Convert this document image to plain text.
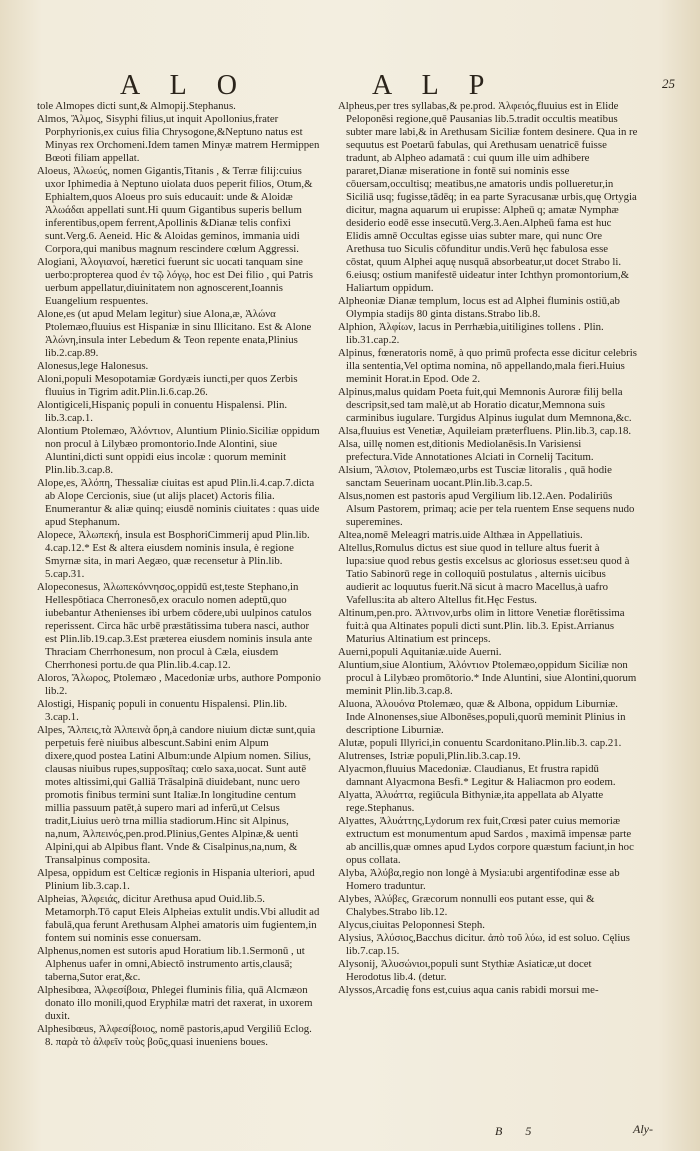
A L O	A L P	25

tole Almopes dicti sunt,& Almopij.Stephanus.

Almos, Ἄλμος, Sisyphi filius,ut inquit Apollonius,frater Porphyrionis,ex cuius filia Chrysogone,&Neptuno natus est Minyas rex Orchomeni.Idem tamen Minyæ matrem Hermippen Bœoti filiam appellat.

Aloeus, Ἀλωεύς, nomen Gigantis,Titanis , & Terræ filij:cuius uxor Iphimedia à Neptuno uiolata duos peperit filios, Otum,& Ephialtem,quos Aloeus pro suis educauit: unde & Aloidæ Ἀλωάδαι appellati sunt.Hi quum Gigantibus superis bellum inferentibus,opem ferrent,Apollinis &Dianæ telis confixi sunt.Verg.6. Aeneid. Hic & Aloidas geminos, immania uidi Corpora,qui manibus magnum rescindere cœlum Aggressi.

Alogiani, Ἀλογιανοί, hæretici fuerunt sic uocati tanquam sine uerbo:propterea quod ἐν τῷ λόγῳ, hoc est Dei filio , qui Patris uerbum appellatur,diuinitatem non agnoscerent,Ioannis Euangelium respuentes.

Alone,es (ut apud Melam legitur) siue Alona,æ, Ἀλώνα Ptolemæo,fluuius est Hispaniæ in sinu Illicitano. Est & Alone Ἀλώνη,insula inter Lebedum & Teon repente enata,Plinius lib.2.cap.89.

Alonesus,lege Halonesus.

Aloni,populi Mesopotamiæ Gordyæis iuncti,per quos Zerbis fluuius in Tigrim adit.Plin.li.6.cap.26.

Alontigiceli,Hispaniç populi in conuentu Hispalensi. Plin. lib.3.cap.1.

Alontium Ptolemæo, Ἀλόντιον, Aluntium Plinio.Siciliæ oppidum non procul à Lilybæo promontorio.Inde Alontini, siue Aluntini,dicti sunt oppidi eius incolæ : quorum meminit Plin.lib.3.cap.8.

Alope,es, Ἀλόπη, Thessaliæ ciuitas est apud Plin.li.4.cap.7.dicta ab Alope Cercionis, siue (ut alijs placet) Actoris filia. Enumerantur & aliæ quinq; eiusdē nominis ciuitates : quas uide apud Stephanum.

Alopece, Ἀλωπεκή, insula est BosphoriCimmerij apud Plin.lib. 4.cap.12.* Est & altera eiusdem nominis insula, è regione Smyrnæ sita, in mari Aegæo, quæ recensetur à Plin.lib. 5.cap.31.

Alopeconesus, Ἀλωπεκόννησος,oppidū est,teste Stephano,in Hellespōtiaca Cherronesō,ex oraculo nomen adeptū,quo iubebantur Athenienses ibi urbem cōdere,ubi uulpinos catulos reperissent. Circa hāc urbē præstātissima tubera nasci, author est Plin.lib.19.cap.3.Est præterea eiusdem nominis insula ante Thraciam Cherrhonesum, non procul à Cæla, eiusdem Cherrhonesi portu.de qua Plin.lib.4.cap.12.

Aloros, Ἄλωρος, Ptolemæo , Macedoniæ urbs, authore Pomponio lib.2.

Alostigi, Hispaniç populi in conuentu Hispalensi. Plin.lib. 3.cap.1.

Alpes, Ἄλπεις,τὰ Ἀλπεινὰ ὄρη,à candore niuium dictæ sunt,quia perpetuis ferè niuibus albescunt.Sabini enim Alpum dixere,quod postea Latini Album:unde Alpium nomen. Silius, clausas niuibus rupes,supposītaq; cœlo saxa,uocat. Sunt autē motes altissimi,qui Galliā Trāsalpinā diuidebant, nunc uero promotis finibus termini sunt Italiæ.In longitudine centum millia passuum patēt,à supero mari ad inferū,ut Celsus tradit,Liuius uerò trna millia stadiorum.Hinc sit Alpinus, na,num, Ἀλπεινός,pen.prod.Plinius,Gentes Alpinæ,& uenti Alpini,qui ab Alpibus flant. Vnde & Cisalpinus,na,num, & Transalpinus composita.

Alpesa, oppidum est Celticæ regionis in Hispania ulteriori, apud Plinium lib.3.cap.1.

Alpheias, Ἀλφειάς, dicitur Arethusa apud Ouid.lib.5. Metamorph.Tō caput Eleis Alpheias extulit undis.Vbi alludit ad fabulā,qua ferunt Arethusam Alphei amatoris uim fugientem,in fontem sui nominis esse conuersam.

Alphenus,nomen est sutoris apud Horatium lib.1.Sermonū , ut Alphenus uafer in omni,Abiectō instrumento artis,clausā; taberna,Sutor erat,&c.

Alphesibœa, Ἀλφεσίβοια, Phlegei fluminis filia, quā Alcmæon donato illo monili,quod Eryphilæ matri det raxerat, in uxorem duxit.

Alphesibœus, Ἀλφεσίβοιος, nomē pastoris,apud Vergiliū Eclog. 8. παρὰ τὸ ἀλφεῖν τοὺς βοῦς,quasi inueniens boues.

Alpheus,per tres syllabas,& pe.prod. Ἀλφειός,fluuius est in Elide Peloponēsi regione,quē Pausanias lib.5.tradit occultis meatibus subter mare labi,& in Arethusam Siciliæ fontem desinere. Qua in re sequutus est Poetarū fabulas, qui Arethusam uenatricē fuisse tradunt, ab Alpheo adamatā : cui quum ille uim adhibere pararet,Dianæ miseratione in fontē sui nominis esse cōuersam,occultisq; meatibus,ne amatoris undis pollueretur,in Siciliā usq; fugisse,tādēq; in ea parte Syracusanæ urbis,quę Ortygia dicitur, magna aquarum ui erupisse: Alpheū q; amatæ Nymphæ desiderio eodē esse insecutū.Verg.3.Aen.Alpheū fama est huc Elidis amnē Occultas egisse uias subter mare, qui nunc Ore Arethusa tuo Siculis cōfunditur undis.Verū hęc fabulosa esse cōstat, quum Alphei aquę nusquā absorbeatur,ut docet Strabo li. 6.eiusq; ostium manifestē uideatur inter Ichthyn promontorium,& Haliartum oppidum.

Alpheoniæ Dianæ templum, locus est ad Alphei fluminis ostiū,ab Olympia stadijs 80 ginta distans.Strabo lib.8.

Alphion, Ἀλφίων, lacus in Perrhæbia,uitiligines tollens . Plin. lib.31.cap.2.

Alpinus, fœneratoris nomē, à quo primū profecta esse dicitur celebris illa sententia,Vel optima nomina, nō appellando,mala fieri.Huius meminit Horat.in Epod. Ode 2.

Alpinus,malus quidam Poeta fuit,qui Memnonis Auroræ filij bella descripsit,sed tam malè,ut ab Horatio dicatur,Memnona suis carminibus iugulare. Turgidus Alpinus iugulat dum Memnona,&c.

Alsa,fluuius est Venetiæ, Aquileiam præterfluens. Plin.lib.3, cap.18.

Alsa, uillę nomen est,ditionis Mediolanēsis.In Varisiensi prefectura.Vide Annotationes Alciati in Cornelij Tacitum.

Alsium, Ἄλσιον, Ptolemæo,urbs est Tusciæ litoralis , quā hodie sanctam Seuerinam uocant.Plin.lib.3.cap.5.

Alsus,nomen est pastoris apud Vergilium lib.12.Aen. Podaliriūs Alsum Pastorem, primaq; acie per tela ruentem Ense sequens nudo superemines.

Altea,nomē Meleagri matris.uide Althæa in Appellatiuis.

Altellus,Romulus dictus est siue quod in tellure altus fuerit à lupa:siue quod rebus gestis excelsus ac gloriosus esset:seu quod à Tatio Sabinorū rege in colloquiū postulatus , alternis uicibus audierit ac loquutus fuerit.Nā sicut à macro Macellus,à uafro Vafellus:ita ab altero Altellus fit.Hęc Festus.

Altinum,pen.pro. Ἀλτινον,urbs olim in littore Venetiæ florētissima fuit:à qua Altinates populi dicti sunt.Plin. lib.3. Epist.Arrianus Maturius Altinatium est princeps.

Auerni,populi Aquitaniæ.uide Auerni.

Aluntium,siue Alontium, Ἀλόντιον Ptolemæo,oppidum Siciliæ non procul à Lilybæo promōtorio.* Inde Aluntini, siue Alontini,quorum meminit Plin.lib.3.cap.8.

Aluona, Ἀλουόνα Ptolemæo, quæ & Albona, oppidum Liburniæ. Inde Alnonenses,siue Albonēses,populi,quorū meminit Plinius in descriptione Liburniæ.

Alutæ, populi Illyrici,in conuentu Scardonitano.Plin.lib.3. cap.21.

Alutrenses, Istriæ populi,Plin.lib.3.cap.19.

Alyacmon,fluuius Macedoniæ. Claudianus, Et frustra rapidū damnant Alyacmona Besfi.* Legitur & Haliacmon pro eodem.

Alyatta, Ἀλυάττα, regiūcula Bithyniæ,ita appellata ab Alyatte rege.Stephanus.

Alyattes, Ἀλυάττης,Lydorum rex fuit,Crœsi pater cuius memoriæ extructum est monumentum apud Sardos , maximā impensæ parte ab ancillis,quæ omnes apud Lydos corpore quæstum faciunt,in hoc opus collata.

Alyba, Ἀλύβα,regio non longè à Mysia:ubi argentifodinæ esse ab Homero traduntur.

Alybes, Ἀλύβες, Græcorum nonnulli eos putant esse, qui & Chalybes.Strabo lib.12.

Alycus,ciuitas Peloponnesi Steph.

Alysius, Ἀλύσιος,Bacchus dicitur. ἀπὸ τοῦ λύω, id est soluo. Cęlius lib.7.cap.15.

Alysonij, Ἀλυσώνιοι,populi sunt Stythiæ Asiaticæ,ut docet Herodotus lib.4. (detur.

Alyssos,Arcadię fons est,cuius aqua canis rabidi morsui me-

B 5	Aly-
